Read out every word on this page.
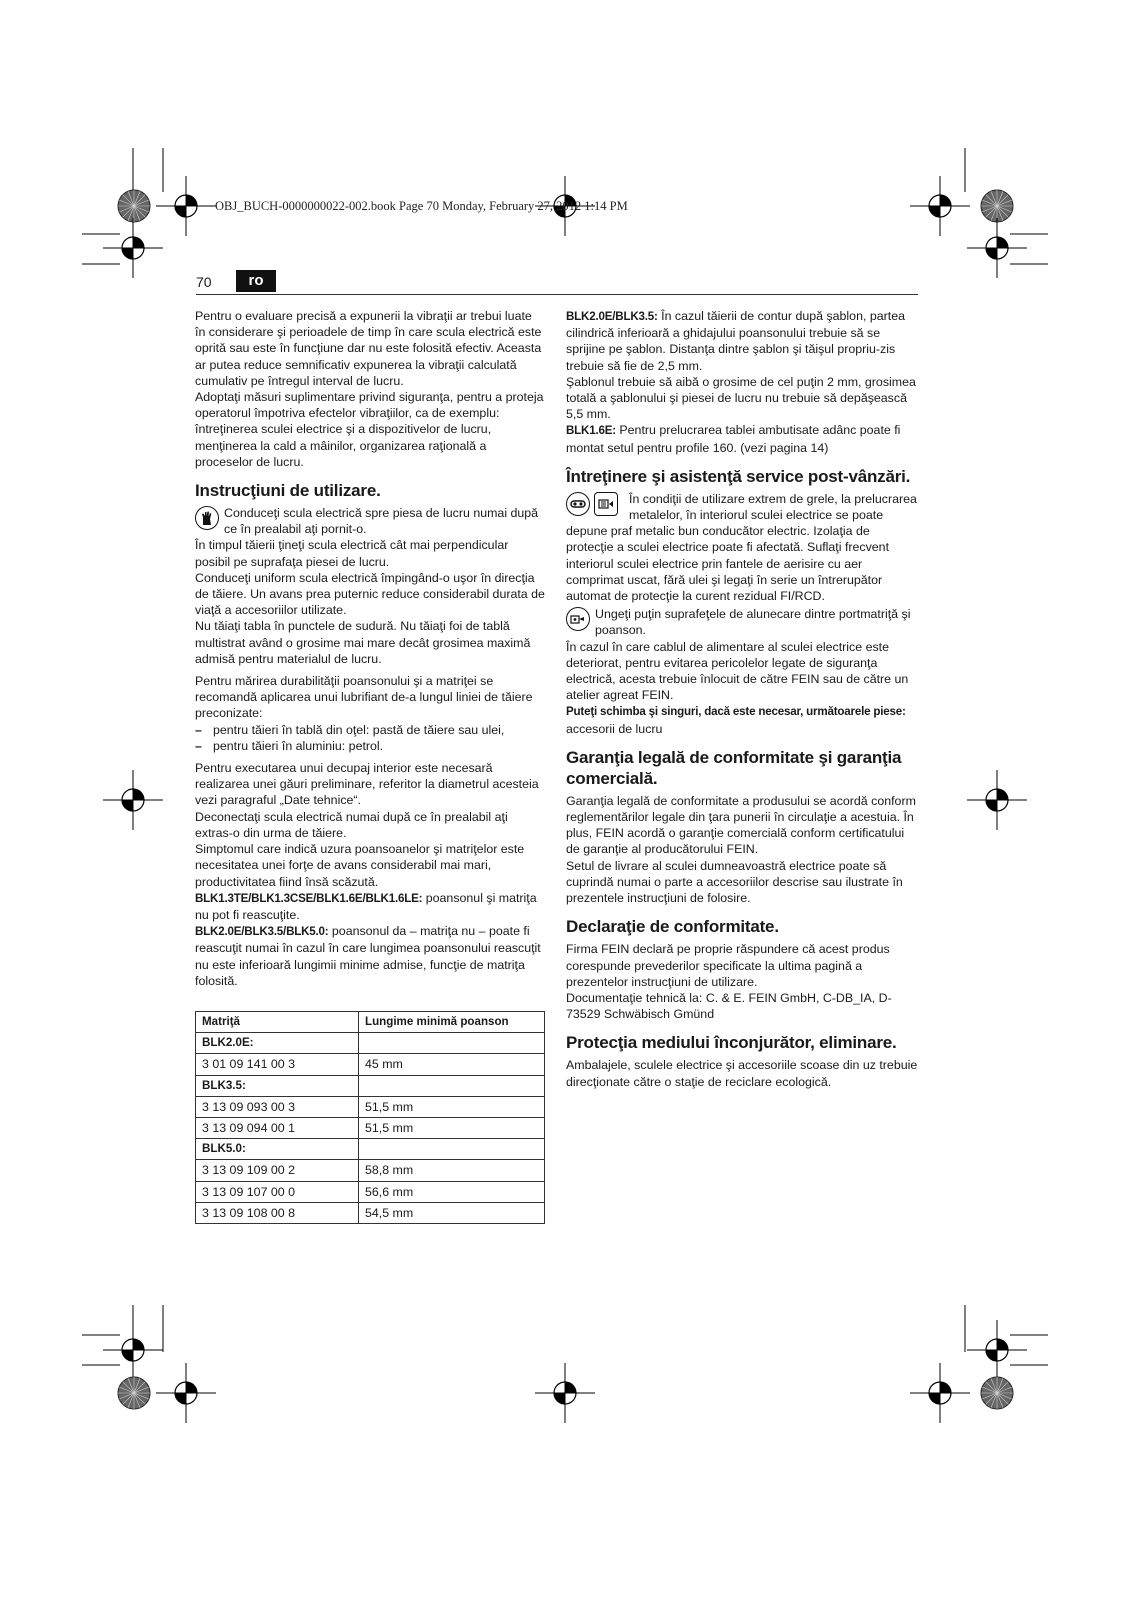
OBJ_BUCH-0000000022-002.book Page 70 Monday, February 27, 2012 1:14 PM
70	ro

Pentru o evaluare precisă a expunerii la vibraţii ar trebui luate în considerare şi perioadele de timp în care scula electrică este oprită sau este în funcţiune dar nu este folosită efectiv. Aceasta ar putea reduce semnificativ expunerea la vibraţii calculată cumulativ pe întregul interval de lucru.

Adoptaţi măsuri suplimentare privind siguranţa, pentru a proteja operatorul împotriva efectelor vibraţiilor, ca de exemplu: întreţinerea sculei electrice şi a dispozitivelor de lucru, menţinerea la cald a mâinilor, organizarea raţională a proceselor de lucru.

Instrucţiuni de utilizare.
Conduceţi scula electrică spre piesa de lucru numai după ce în prealabil aţi pornit-o.

În timpul tăierii ţineţi scula electrică cât mai perpendicular posibil pe suprafaţa piesei de lucru.

Conduceţi uniform scula electrică împingând-o uşor în direcţia de tăiere. Un avans prea puternic reduce considerabil durata de viaţă a accesoriilor utilizate.

Nu tăiaţi tabla în punctele de sudură. Nu tăiaţi foi de tablă multistrat având o grosime mai mare decât grosimea maximă admisă pentru materialul de lucru.

Pentru mărirea durabilităţii poansonului şi a matriţei se recomandă aplicarea unui lubrifiant de-a lungul liniei de tăiere preconizate:

– pentru tăieri în tablă din oţel: pastă de tăiere sau ulei,
– pentru tăieri în aluminiu: petrol.

Pentru executarea unui decupaj interior este necesară realizarea unei găuri preliminare, referitor la diametrul acesteia vezi paragraful „Date tehnice“.

Deconectaţi scula electrică numai după ce în prealabil aţi extras-o din urma de tăiere.

Simptomul care indică uzura poansoanelor şi matriţelor este necesitatea unei forţe de avans considerabil mai mari, productivitatea fiind însă scăzută.

BLK1.3TE/BLK1.3CSE/BLK1.6E/BLK1.6LE: poansonul şi matriţa nu pot fi reascuţite.

BLK2.0E/BLK3.5/BLK5.0: poansonul da – matriţa nu – poate fi reascuţit numai în cazul în care lungimea poansonului reascuţit nu este inferioară lungimii minime admise, funcţie de matriţa folosită.

Matriţă	Lungime minimă poanson
BLK2.0E:	
3 01 09 141 00 3	45 mm
BLK3.5:	
3 13 09 093 00 3	51,5 mm
3 13 09 094 00 1	51,5 mm
BLK5.0:	
3 13 09 109 00 2	58,8 mm
3 13 09 107 00 0	56,6 mm
3 13 09 108 00 8	54,5 mm

BLK2.0E/BLK3.5: În cazul tăierii de contur după şablon, partea cilindrică inferioară a ghidajului poansonului trebuie să se sprijine pe şablon. Distanţa dintre şablon şi tăişul propriu-zis trebuie să fie de 2,5 mm.

Şablonul trebuie să aibă o grosime de cel puţin 2 mm, grosimea totală a şablonului şi piesei de lucru nu trebuie să depăşească 5,5 mm.

BLK1.6E: Pentru prelucrarea tablei ambutisate adânc poate fi montat setul pentru profile 160. (vezi pagina 14)

Întreţinere şi asistenţă service post-vânzări.

În condiţii de utilizare extrem de grele, la prelucrarea metalelor, în interiorul sculei electrice se poate depune praf metalic bun conducător electric. Izolaţia de protecţie a sculei electrice poate fi afectată. Suflaţi frecvent interiorul sculei electrice prin fantele de aerisire cu aer comprimat uscat, fără ulei şi legaţi în serie un întrerupător automat de protecţie la curent rezidual FI/RCD.

Ungeţi puţin suprafeţele de alunecare dintre portmatriţă şi poanson.

În cazul în care cablul de alimentare al sculei electrice este deteriorat, pentru evitarea pericolelor legate de siguranţa electrică, acesta trebuie înlocuit de către FEIN sau de către un atelier agreat FEIN.

Puteţi schimba şi singuri, dacă este necesar, următoarele piese: accesorii de lucru

Garanţia legală de conformitate şi garanţia comercială.

Garanţia legală de conformitate a produsului se acordă conform reglementărilor legale din ţara punerii în circulaţie a acestuia. În plus, FEIN acordă o garanţie comercială conform certificatului de garanţie al producătorului FEIN.

Setul de livrare al sculei dumneavoastră electrice poate să cuprindă numai o parte a accesoriilor descrise sau ilustrate în prezentele instrucţiuni de folosire.

Declaraţie de conformitate.

Firma FEIN declară pe proprie răspundere că acest produs corespunde prevederilor specificate la ultima pagină a prezentelor instrucţiuni de utilizare.

Documentaţie tehnică la: C. & E. FEIN GmbH, C-DB_IA, D-73529 Schwäbisch Gmünd

Protecţia mediului înconjurător, eliminare.

Ambalajele, sculele electrice şi accesoriile scoase din uz trebuie direcţionate către o staţie de reciclare ecologică.
